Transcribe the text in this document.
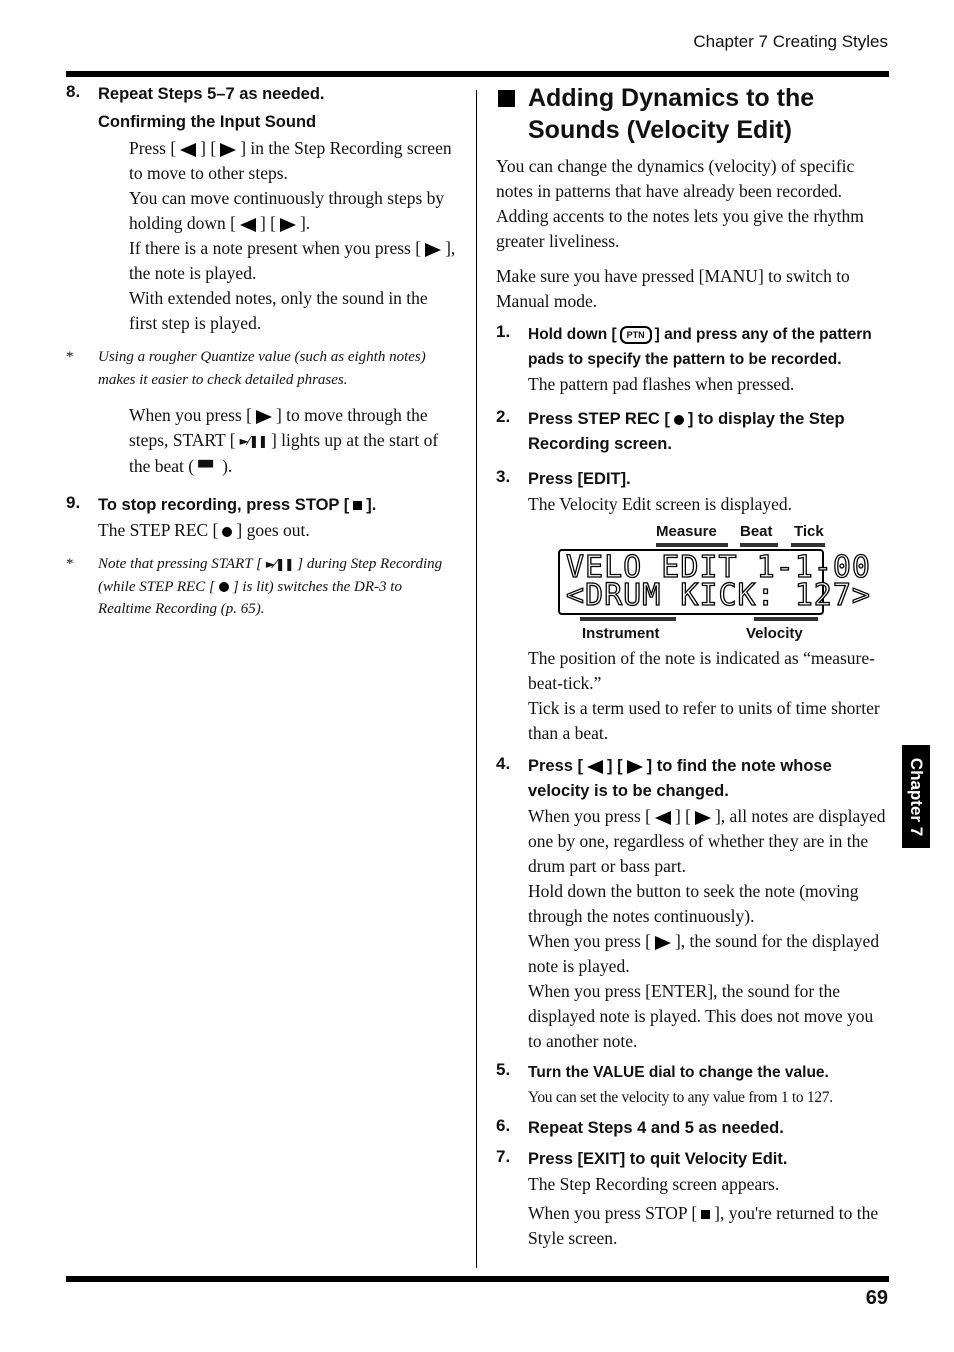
Chapter 7 Creating Styles
69
Chapter 7
8. Repeat Steps 5–7 as needed.
Confirming the Input Sound
Press [ ] [ ] in the Step Recording screen to move to other steps.
You can move continuously through steps by holding down [ ] [ ].
If there is a note present when you press [ ], the note is played.
With extended notes, only the sound in the first step is played.
* Using a rougher Quantize value (such as eighth notes) makes it easier to check detailed phrases.
When you press [ ] to move through the steps, START [ ►⁄❚❚ ] lights up at the start of the beat ( ▀▘ ).
9. To stop recording, press STOP [ ].
The STEP REC [ ] goes out.
* Note that pressing START [ ►⁄❚❚ ] during Step Recording (while STEP REC [ ] is lit) switches the DR-3 to Realtime Recording (p. 65).
Adding Dynamics to the Sounds (Velocity Edit)
You can change the dynamics (velocity) of specific notes in patterns that have already been recorded. Adding accents to the notes lets you give the rhythm greater liveliness.
Make sure you have pressed [MANU] to switch to Manual mode.
1. Hold down [ PTN ] and press any of the pattern pads to specify the pattern to be recorded.
The pattern pad flashes when pressed.
2. Press STEP REC [ ] to display the Step Recording screen.
3. Press [EDIT].
The Velocity Edit screen is displayed.
Measure Beat Tick
VELO EDIT 1-1-00
<DRUM KICK: 127>
Instrument	Velocity
The position of the note is indicated as “measure-beat-tick.”
Tick is a term used to refer to units of time shorter than a beat.
4. Press [ ] [ ] to find the note whose velocity is to be changed.
When you press [ ] [ ], all notes are displayed one by one, regardless of whether they are in the drum part or bass part.
Hold down the button to seek the note (moving through the notes continuously).
When you press [ ], the sound for the displayed note is played.
When you press [ENTER], the sound for the displayed note is played. This does not move you to another note.
5. Turn the VALUE dial to change the value.
You can set the velocity to any value from 1 to 127.
6. Repeat Steps 4 and 5 as needed.
7. Press [EXIT] to quit Velocity Edit.
The Step Recording screen appears.
When you press STOP [ ], you're returned to the Style screen.
